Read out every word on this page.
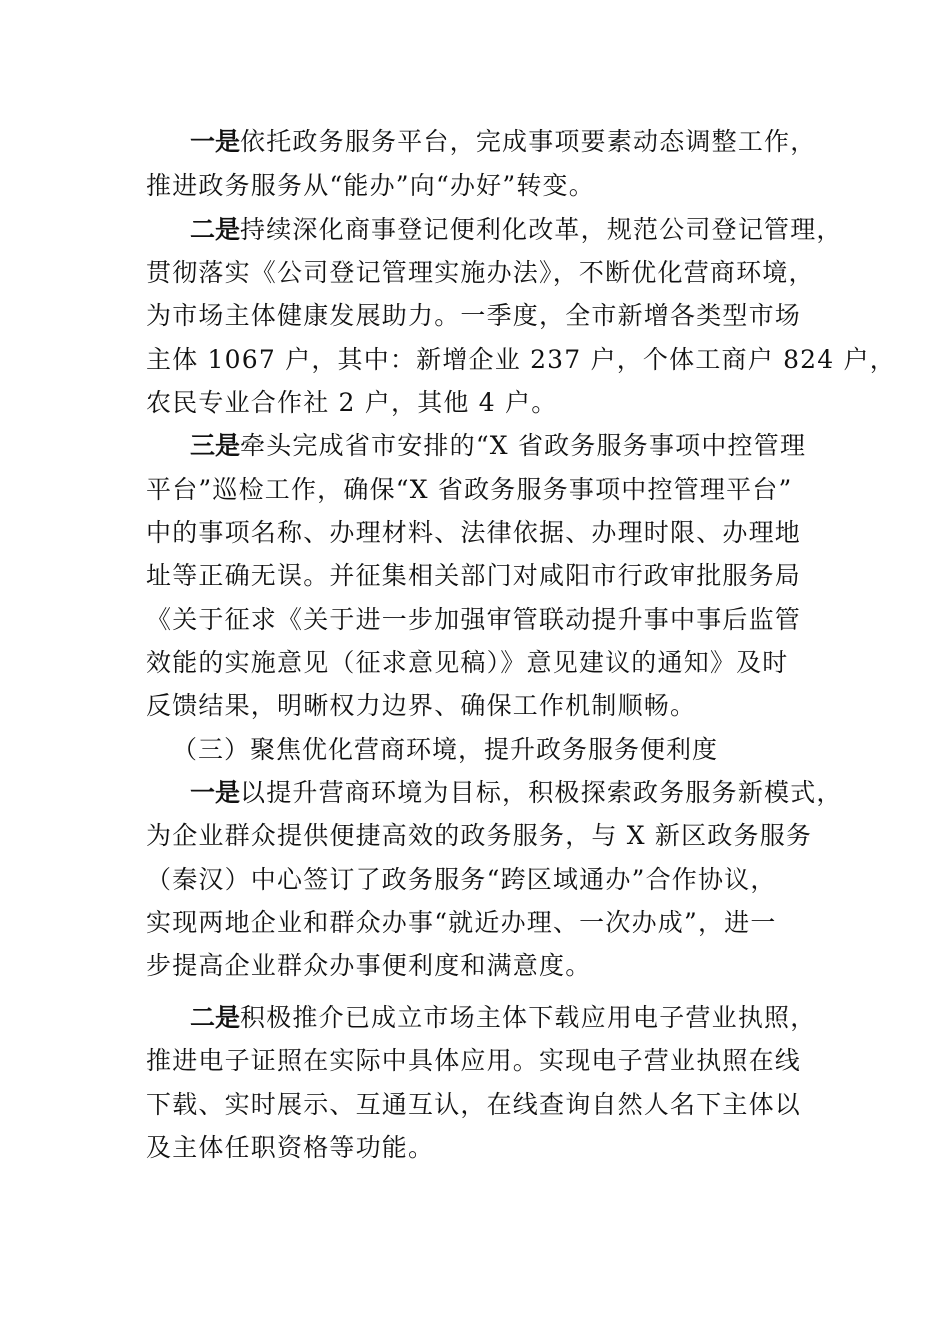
一是依托政务服务平台，完成事项要素动态调整工作，
推进政务服务从“能办”向“办好”转变。
二是持续深化商事登记便利化改革，规范公司登记管理，
贯彻落实《公司登记管理实施办法》，不断优化营商环境，
为市场主体健康发展助力。一季度，全市新增各类型市场
主体 1067 户，其中：新增企业 237 户，个体工商户 824 户，
农民专业合作社 2 户，其他 4 户。
三是牵头完成省市安排的“X 省政务服务事项中控管理
平台”巡检工作，确保“X 省政务服务事项中控管理平台”
中的事项名称、办理材料、法律依据、办理时限、办理地
址等正确无误。并征集相关部门对咸阳市行政审批服务局
《关于征求《关于进一步加强审管联动提升事中事后监管
效能的实施意见（征求意见稿）》意见建议的通知》及时
反馈结果，明晰权力边界、确保工作机制顺畅。
（三）聚焦优化营商环境，提升政务服务便利度
一是以提升营商环境为目标，积极探索政务服务新模式，
为企业群众提供便捷高效的政务服务，与 X 新区政务服务
（秦汉）中心签订了政务服务“跨区域通办”合作协议，
实现两地企业和群众办事“就近办理、一次办成”，进一
步提高企业群众办事便利度和满意度。
二是积极推介已成立市场主体下载应用电子营业执照，
推进电子证照在实际中具体应用。实现电子营业执照在线
下载、实时展示、互通互认，在线查询自然人名下主体以
及主体任职资格等功能。
